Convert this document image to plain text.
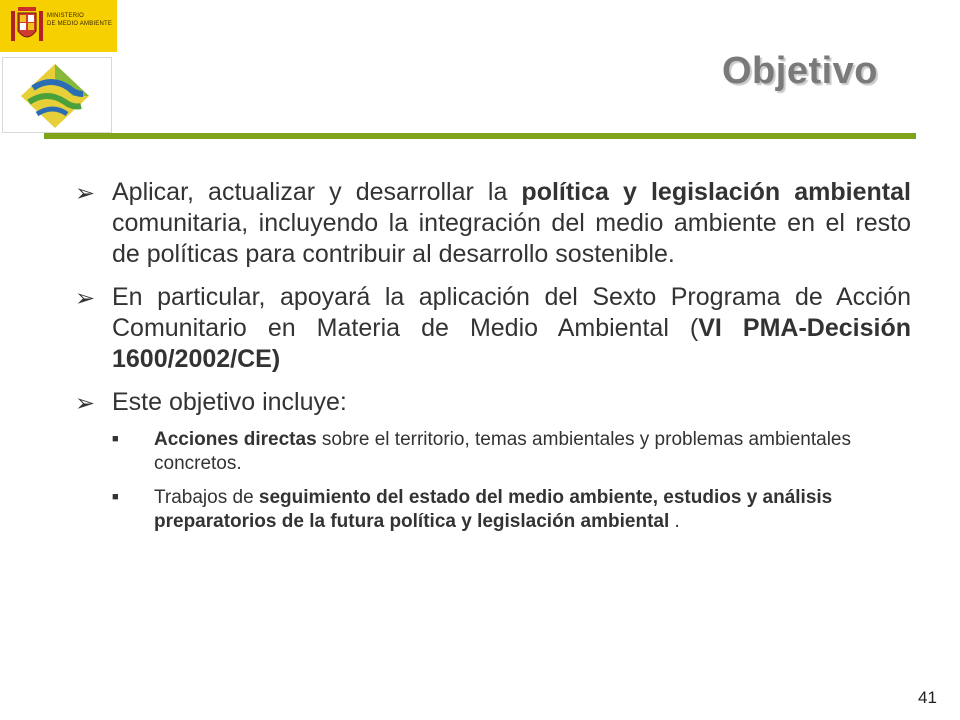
MINISTERIO
DE MEDIO AMBIENTE
Objetivo
➢ Aplicar, actualizar y desarrollar la política y legislación ambiental comunitaria, incluyendo la integración del medio ambiente en el resto de políticas para contribuir al desarrollo sostenible.
➢ En particular, apoyará la aplicación del Sexto Programa de Acción Comunitario en Materia de Medio Ambiental (VI PMA-Decisión 1600/2002/CE)
➢ Este objetivo incluye:
■ Acciones directas sobre el territorio, temas ambientales y problemas ambientales concretos.
■ Trabajos de seguimiento del estado del medio ambiente, estudios y análisis preparatorios de la futura política y legislación ambiental .
41
